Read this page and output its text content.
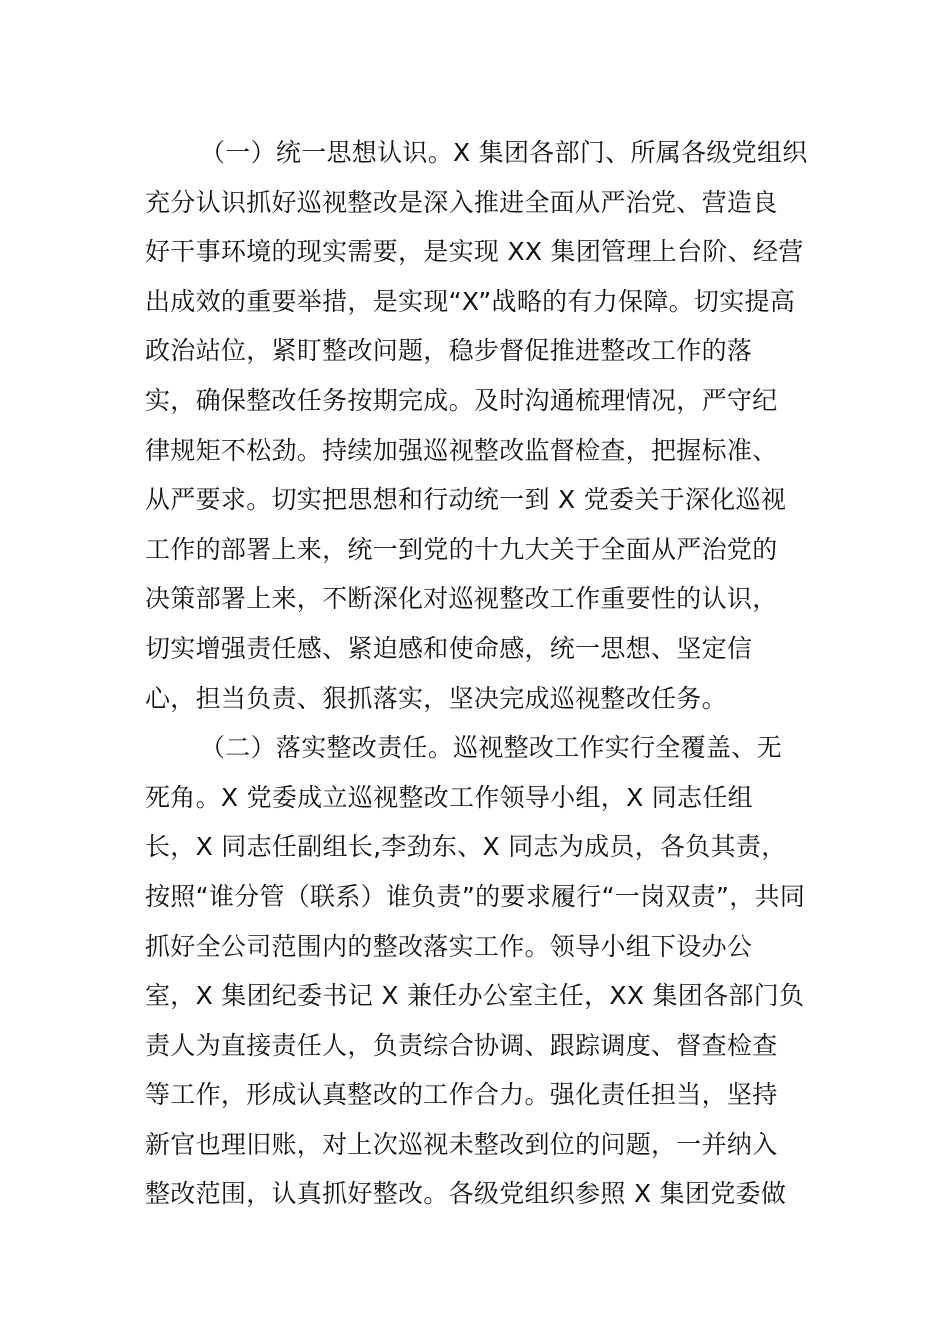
（一）统一思想认识。X 集团各部门、所属各级党组织
充分认识抓好巡视整改是深入推进全面从严治党、营造良
好干事环境的现实需要，是实现 XX 集团管理上台阶、经营
出成效的重要举措，是实现“X”战略的有力保障。切实提高
政治站位，紧盯整改问题，稳步督促推进整改工作的落
实，确保整改任务按期完成。及时沟通梳理情况，严守纪
律规矩不松劲。持续加强巡视整改监督检查，把握标准、
从严要求。切实把思想和行动统一到 X 党委关于深化巡视
工作的部署上来，统一到党的十九大关于全面从严治党的
决策部署上来，不断深化对巡视整改工作重要性的认识，
切实增强责任感、紧迫感和使命感，统一思想、坚定信
心，担当负责、狠抓落实，坚决完成巡视整改任务。
（二）落实整改责任。巡视整改工作实行全覆盖、无
死角。X 党委成立巡视整改工作领导小组，X 同志任组
长，X 同志任副组长,李劲东、X 同志为成员，各负其责，
按照“谁分管（联系）谁负责”的要求履行“一岗双责”，共同
抓好全公司范围内的整改落实工作。领导小组下设办公
室，X 集团纪委书记 X 兼任办公室主任，XX 集团各部门负
责人为直接责任人，负责综合协调、跟踪调度、督查检查
等工作，形成认真整改的工作合力。强化责任担当，坚持
新官也理旧账，对上次巡视未整改到位的问题，一并纳入
整改范围，认真抓好整改。各级党组织参照 X 集团党委做
